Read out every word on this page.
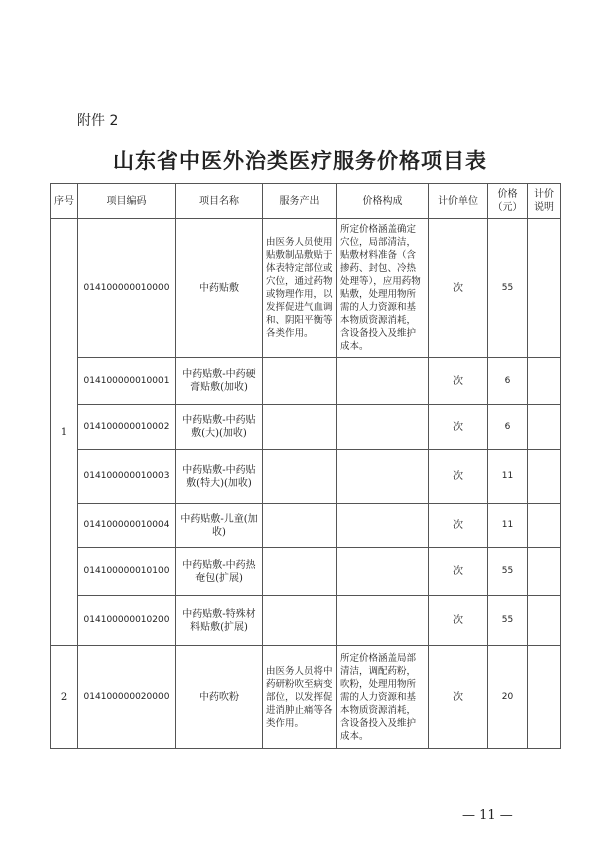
附件 2
山东省中医外治类医疗服务价格项目表
序号	项目编码	项目名称	服务产出	价格构成	计价单位	价格（元）	计价说明
1	014100000010000	中药贴敷	由医务人员使用贴敷制品敷贴于体表特定部位或穴位，通过药物或物理作用，以发挥促进气血调和、阴阳平衡等各类作用。	所定价格涵盖确定穴位，局部清洁，贴敷材料准备（含掺药、封包、冷热处理等），应用药物贴敷，处理用物所需的人力资源和基本物质资源消耗，含设备投入及维护成本。	次	55	
	014100000010001	中药贴敷-中药硬膏贴敷(加收)			次	6	
	014100000010002	中药贴敷-中药贴敷(大)(加收)			次	6	
	014100000010003	中药贴敷-中药贴敷(特大)(加收)			次	11	
	014100000010004	中药贴敷-儿童(加收)			次	11	
	014100000010100	中药贴敷-中药热奄包(扩展)			次	55	
	014100000010200	中药贴敷-特殊材料贴敷(扩展)			次	55	
2	014100000020000	中药吹粉	由医务人员将中药研粉吹至病变部位，以发挥促进消肿止痛等各类作用。	所定价格涵盖局部清洁，调配药粉，吹粉，处理用物所需的人力资源和基本物质资源消耗，含设备投入及维护成本。	次	20	
— 11 —
